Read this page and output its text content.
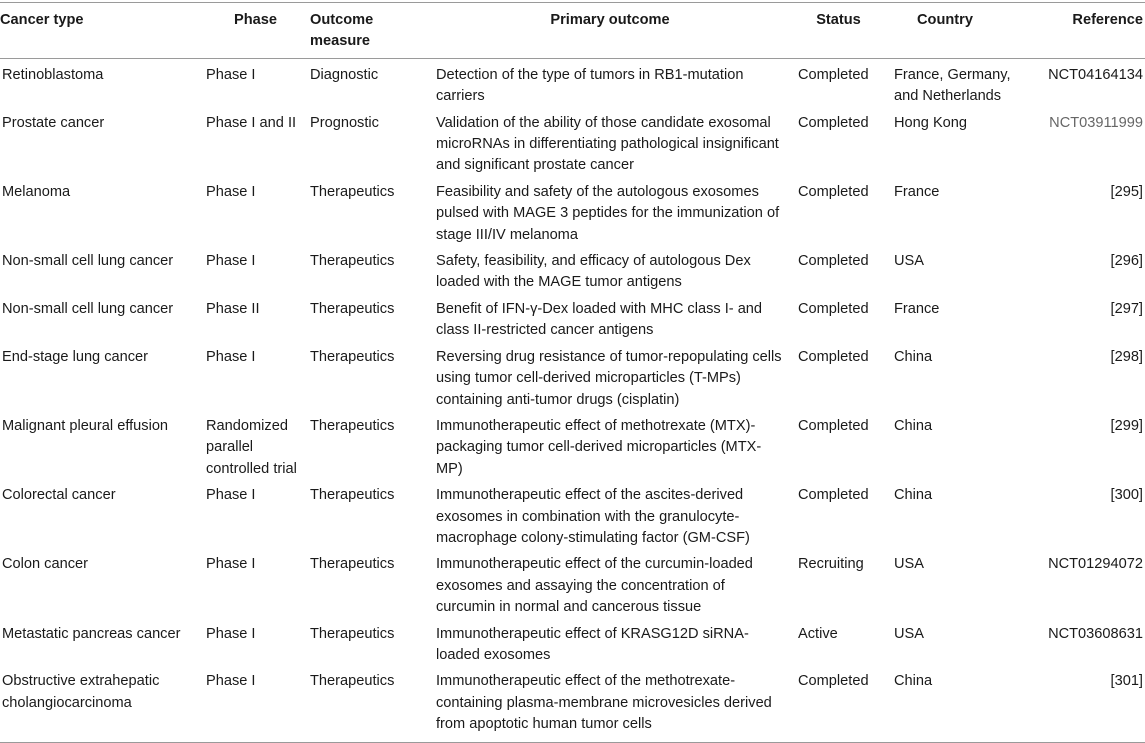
Cancer type	Phase	Outcome measure	Primary outcome	Status	Country	Reference
Retinoblastoma	Phase I	Diagnostic	Detection of the type of tumors in RB1-mutation carriers	Completed	France, Germany, and Netherlands	NCT04164134
Prostate cancer	Phase I and II	Prognostic	Validation of the ability of those candidate exosomal microRNAs in differentiating pathological insignificant and significant prostate cancer	Completed	Hong Kong	NCT03911999
Melanoma	Phase I	Therapeutics	Feasibility and safety of the autologous exosomes pulsed with MAGE 3 peptides for the immunization of stage III/IV melanoma	Completed	France	[295]
Non-small cell lung cancer	Phase I	Therapeutics	Safety, feasibility, and efficacy of autologous Dex loaded with the MAGE tumor antigens	Completed	USA	[296]
Non-small cell lung cancer	Phase II	Therapeutics	Benefit of IFN-γ-Dex loaded with MHC class I- and class II-restricted cancer antigens	Completed	France	[297]
End-stage lung cancer	Phase I	Therapeutics	Reversing drug resistance of tumor-repopulating cells using tumor cell-derived microparticles (T-MPs) containing anti-tumor drugs (cisplatin)	Completed	China	[298]
Malignant pleural effusion	Randomized parallel controlled trial	Therapeutics	Immunotherapeutic effect of methotrexate (MTX)-packaging tumor cell-derived microparticles (MTX-MP)	Completed	China	[299]
Colorectal cancer	Phase I	Therapeutics	Immunotherapeutic effect of the ascites-derived exosomes in combination with the granulocyte-macrophage colony-stimulating factor (GM-CSF)	Completed	China	[300]
Colon cancer	Phase I	Therapeutics	Immunotherapeutic effect of the curcumin-loaded exosomes and assaying the concentration of curcumin in normal and cancerous tissue	Recruiting	USA	NCT01294072
Metastatic pancreas cancer	Phase I	Therapeutics	Immunotherapeutic effect of KRASG12D siRNA-loaded exosomes	Active	USA	NCT03608631
Obstructive extrahepatic cholangiocarcinoma	Phase I	Therapeutics	Immunotherapeutic effect of the methotrexate-containing plasma-membrane microvesicles derived from apoptotic human tumor cells	Completed	China	[301]
